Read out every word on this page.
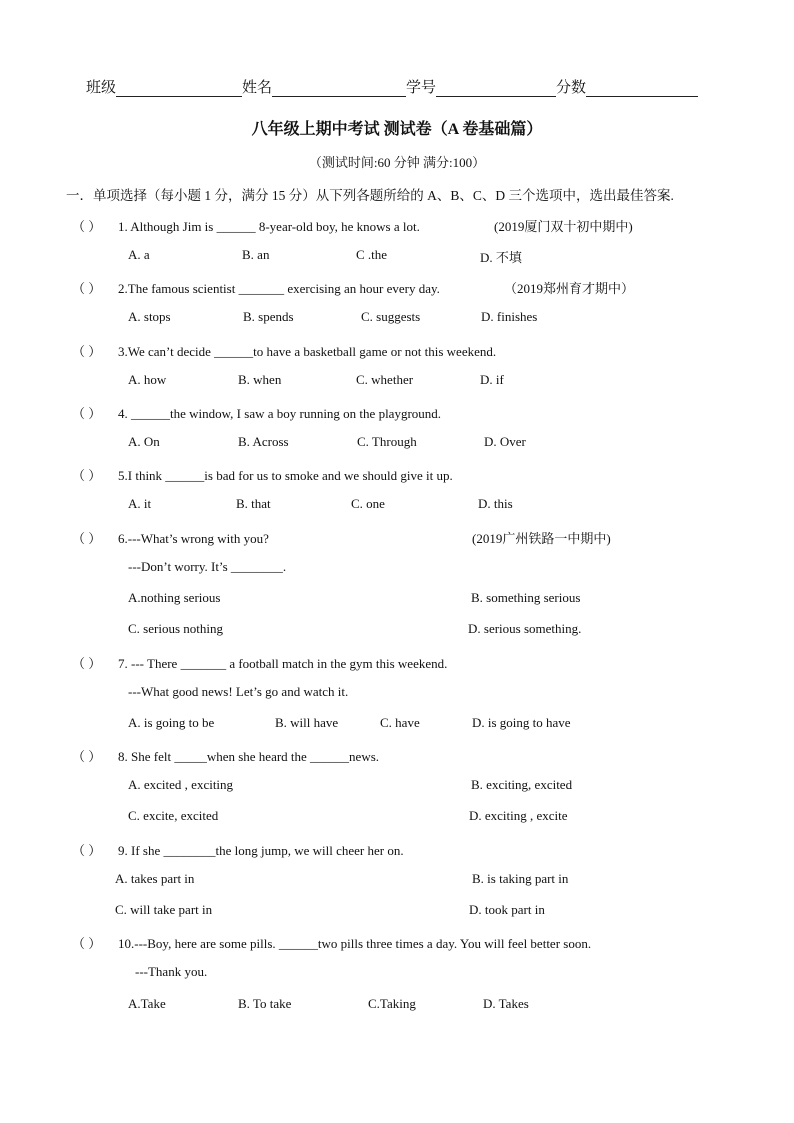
班级	姓名	学号	分数
八年级上期中考试 测试卷（A 卷基础篇）
（测试时间:60 分钟 满分:100）
一．单项选择（每小题 1 分，满分 15 分）从下列各题所给的 A、B、C、D 三个选项中，选出最佳答案.
（ ） 1. Although Jim is ______ 8-year-old boy, he knows a lot.	(2019厦门双十初中期中)
A. a	B. an	C .the	D. 不填
（ ） 2.The famous scientist _______ exercising an hour every day.	（2019郑州育才期中）
A. stops	B. spends	C. suggests	D. finishes
（ ） 3.We can’t decide ______to have a basketball game or not this weekend.
A. how	B. when	C. whether	D. if
（ ） 4. ______the window, I saw a boy running on the playground.
A. On	B. Across	C. Through	D. Over
（ ） 5.I think ______is bad for us to smoke and we should give it up.
A. it	B. that	C. one	D. this
（ ） 6.---What’s wrong with you?	(2019广州铁路一中期中)
---Don’t worry. It’s ________.
A.nothing serious	B. something serious
C. serious nothing	D. serious something.
（ ） 7. --- There _______ a football match in the gym this weekend.
---What good news! Let’s go and watch it.
A. is going to be	B. will have	C. have	D. is going to have
（ ） 8. She felt _____when she heard the ______news.
A. excited , exciting	B. exciting, excited
C. excite, excited	D. exciting , excite
（ ） 9. If she ________the long jump, we will cheer her on.
A. takes part in	B. is taking part in
C. will take part in	D. took part in
（ ） 10.---Boy, here are some pills. ______two pills three times a day. You will feel better soon.
---Thank you.
A.Take	B. To take	C.Taking	D. Takes
